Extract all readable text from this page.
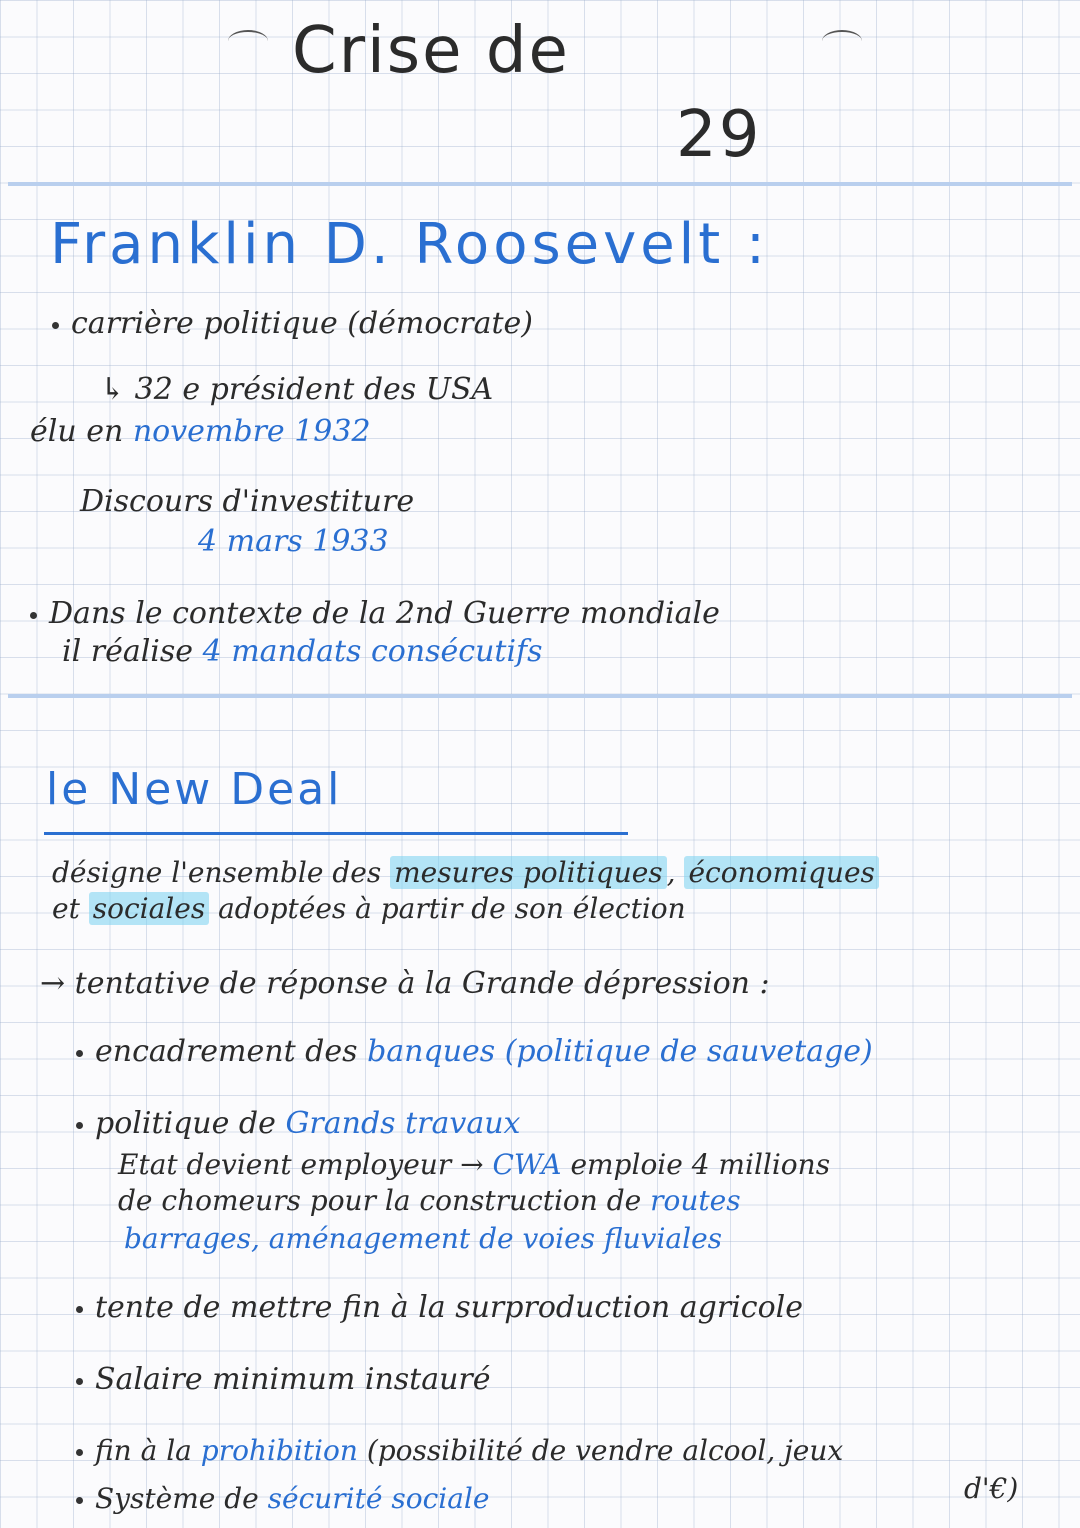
Crise de
29
Franklin D. Roosevelt :
carrière politique (démocrate)
↳ 32 e président des USA
élu en novembre 1932
Discours d'investiture
4 mars 1933
Dans le contexte de la 2nd Guerre mondiale
il réalise 4 mandats consécutifs
le New Deal
désigne l'ensemble des mesures politiques , économiques
et sociales adoptées à partir de son élection
→ tentative de réponse à la Grande dépression :
encadrement des banques (politique de sauvetage)
politique de Grands travaux
Etat devient employeur → CWA emploie 4 millions
de chomeurs pour la construction de routes
barrages, aménagement de voies fluviales
tente de mettre fin à la surproduction agricole
Salaire minimum instauré
fin à la prohibition (possibilité de vendre alcool, jeux
d'€)
Système de sécurité sociale
